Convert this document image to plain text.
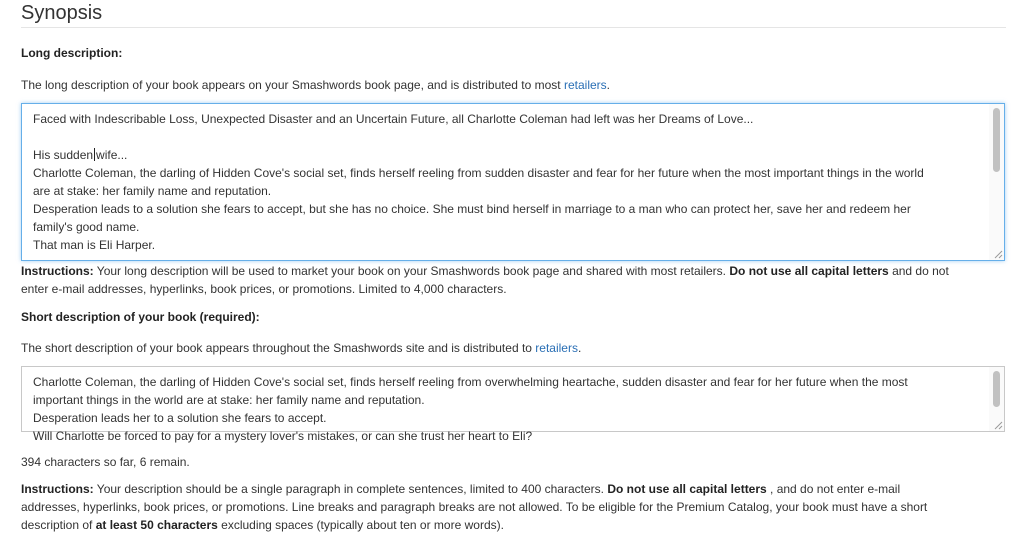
Synopsis
Long description:
The long description of your book appears on your Smashwords book page, and is distributed to most retailers.

Faced with Indescribable Loss, Unexpected Disaster and an Uncertain Future, all Charlotte Coleman had left was her Dreams of Love...

His sudden wife...

Charlotte Coleman, the darling of Hidden Cove's social set, finds herself reeling from sudden disaster and fear for her future when the most important things in the world

are at stake: her family name and reputation.

Desperation leads to a solution she fears to accept, but she has no choice. She must bind herself in marriage to a man who can protect her, save her and redeem her

family's good name.

That man is Eli Harper.

Instructions: Your long description will be used to market your book on your Smashwords book page and shared with most retailers. Do not use all capital letters and do not
enter e-mail addresses, hyperlinks, book prices, or promotions. Limited to 4,000 characters.
Short description of your book (required):
The short description of your book appears throughout the Smashwords site and is distributed to retailers.

Charlotte Coleman, the darling of Hidden Cove's social set, finds herself reeling from overwhelming heartache, sudden disaster and fear for her future when the most

important things in the world are at stake: her family name and reputation.

Desperation leads her to a solution she fears to accept.

Will Charlotte be forced to pay for a mystery lover's mistakes, or can she trust her heart to Eli?

394 characters so far, 6 remain.
Instructions: Your description should be a single paragraph in complete sentences, limited to 400 characters. Do not use all capital letters , and do not enter e-mail
addresses, hyperlinks, book prices, or promotions. Line breaks and paragraph breaks are not allowed. To be eligible for the Premium Catalog, your book must have a short
description of at least 50 characters excluding spaces (typically about ten or more words).
